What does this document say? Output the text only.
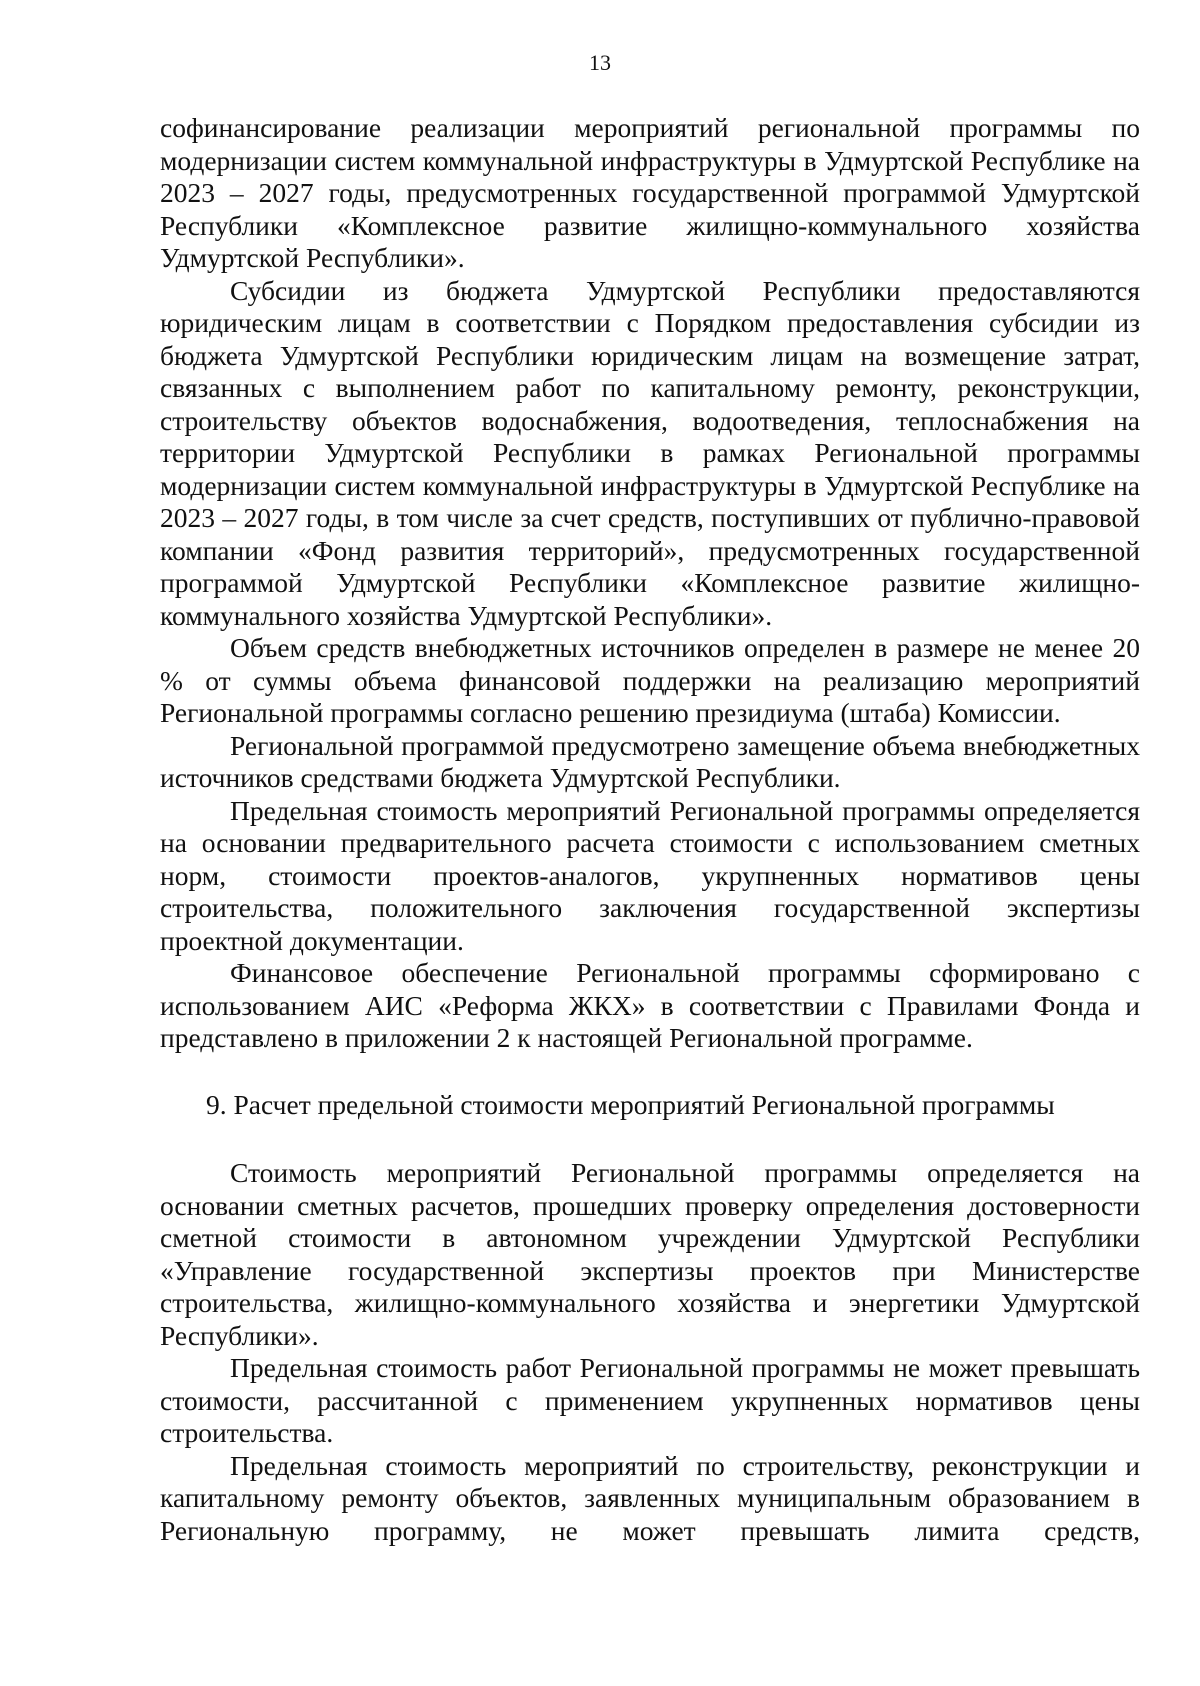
13

софинансирование реализации мероприятий региональной программы по модернизации систем коммунальной инфраструктуры в Удмуртской Республике на 2023 – 2027 годы, предусмотренных государственной программой Удмуртской Республики «Комплексное развитие жилищно-коммунального хозяйства Удмуртской Республики».

Субсидии из бюджета Удмуртской Республики предоставляются юридическим лицам в соответствии с Порядком предоставления субсидии из бюджета Удмуртской Республики юридическим лицам на возмещение затрат, связанных с выполнением работ по капитальному ремонту, реконструкции, строительству объектов водоснабжения, водоотведения, теплоснабжения на территории Удмуртской Республики в рамках Региональной программы модернизации систем коммунальной инфраструктуры в Удмуртской Республике на 2023 – 2027 годы, в том числе за счет средств, поступивших от публично-правовой компании «Фонд развития территорий», предусмотренных государственной программой Удмуртской Республики «Комплексное развитие жилищно-коммунального хозяйства Удмуртской Республики».

Объем средств внебюджетных источников определен в размере не менее 20 % от суммы объема финансовой поддержки на реализацию мероприятий Региональной программы согласно решению президиума (штаба) Комиссии.

Региональной программой предусмотрено замещение объема внебюджетных источников средствами бюджета Удмуртской Республики.

Предельная стоимость мероприятий Региональной программы определяется на основании предварительного расчета стоимости с использованием сметных норм, стоимости проектов-аналогов, укрупненных нормативов цены строительства, положительного заключения государственной экспертизы проектной документации.

Финансовое обеспечение Региональной программы сформировано с использованием АИС «Реформа ЖКХ» в соответствии с Правилами Фонда и представлено в приложении 2 к настоящей Региональной программе.

9. Расчет предельной стоимости мероприятий Региональной программы

Стоимость мероприятий Региональной программы определяется на основании сметных расчетов, прошедших проверку определения достоверности сметной стоимости в автономном учреждении Удмуртской Республики «Управление государственной экспертизы проектов при Министерстве строительства, жилищно-коммунального хозяйства и энергетики Удмуртской Республики».

Предельная стоимость работ Региональной программы не может превышать стоимости, рассчитанной с применением укрупненных нормативов цены строительства.

Предельная стоимость мероприятий по строительству, реконструкции и капитальному ремонту объектов, заявленных муниципальным образованием в Региональную программу, не может превышать лимита средств,
